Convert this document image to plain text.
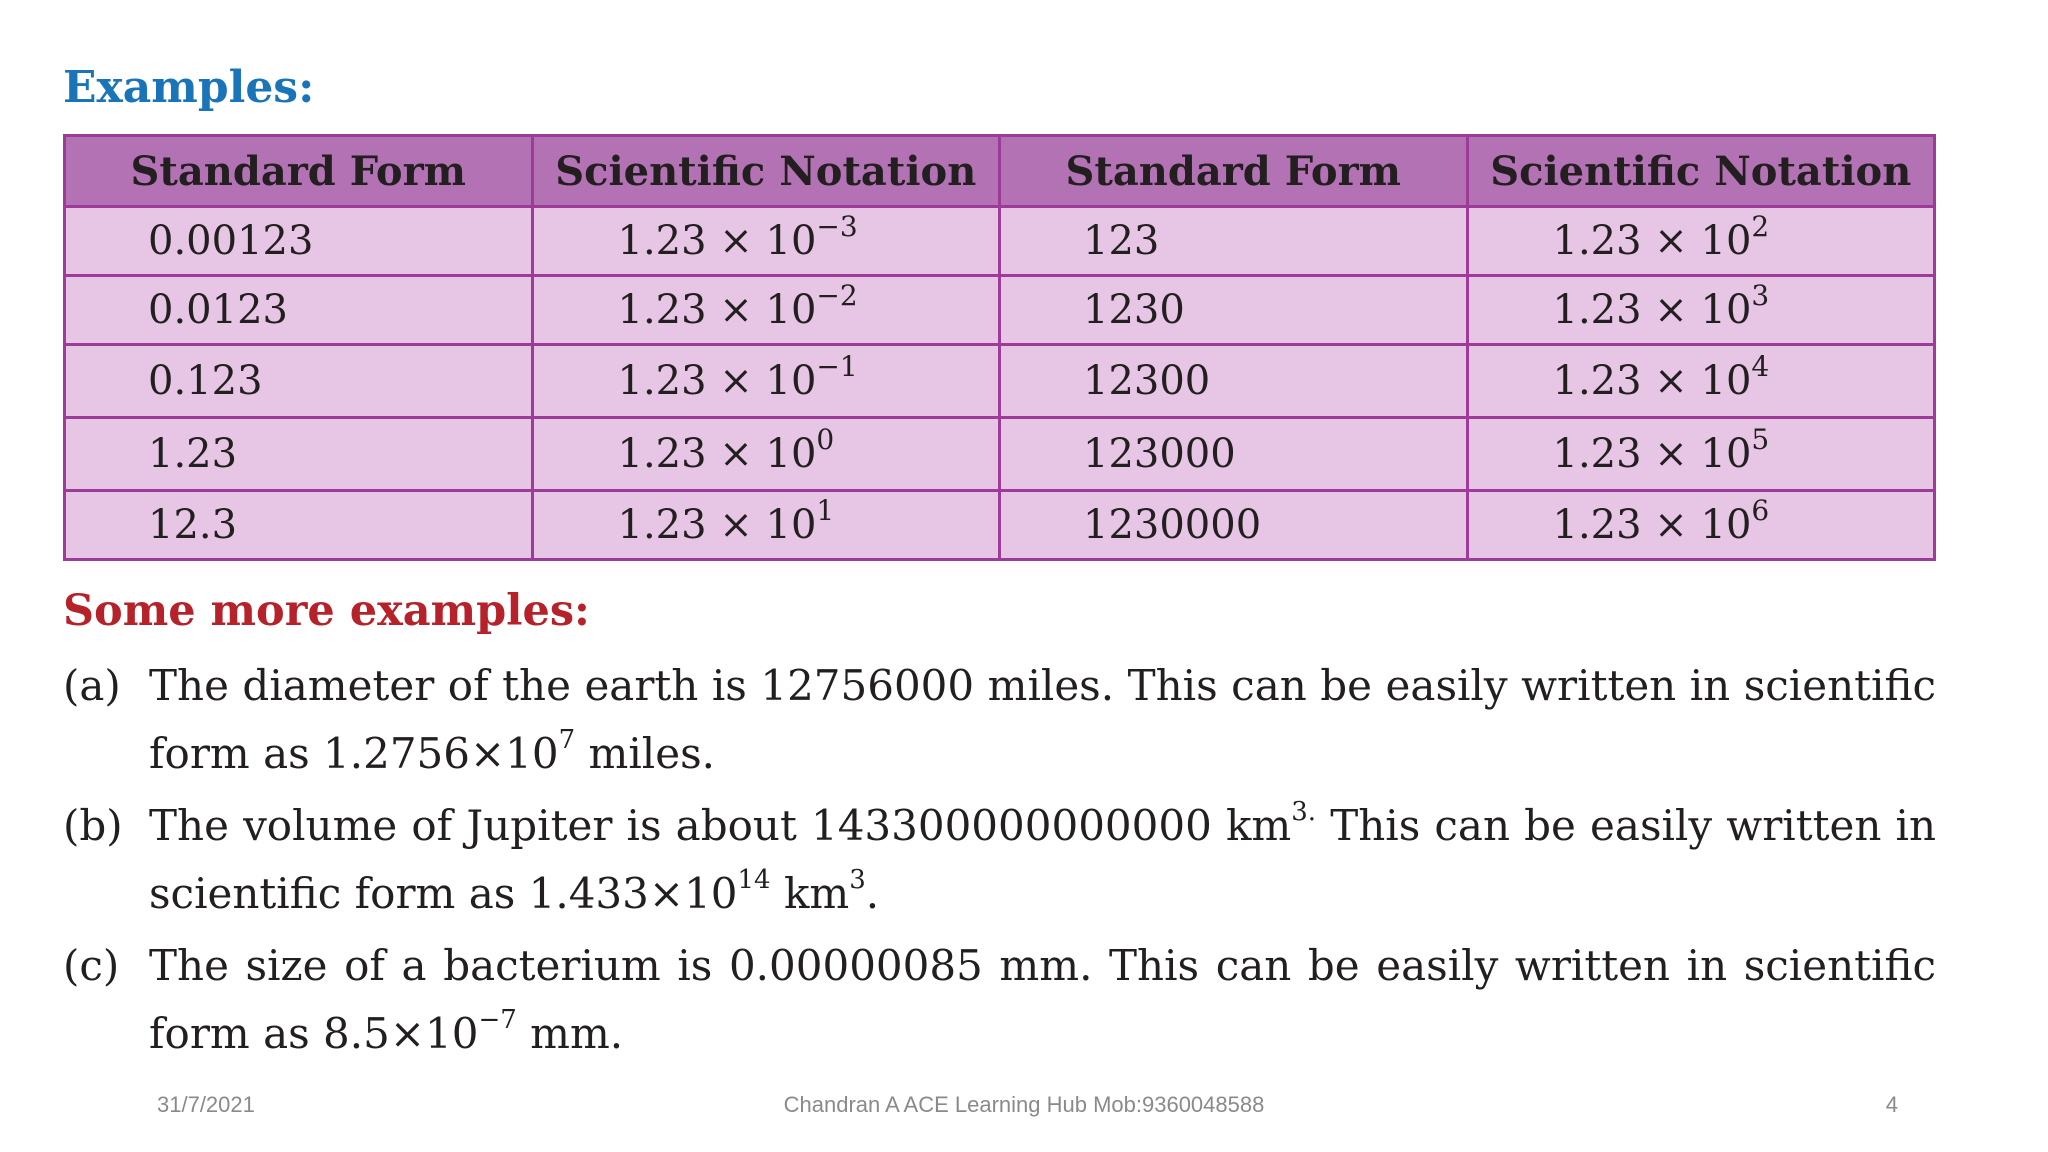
Examples:
Standard Form	Scientific Notation	Standard Form	Scientific Notation
0.00123	$1.23 \times 10^{-3}$	123	$1.23 \times 10^2$
0.0123	$1.23 \times 10^{-2}$	1230	$1.23 \times 10^3$
0.123	$1.23 \times 10^{-1}$	12300	$1.23 \times 10^4$
1.23	$1.23 \times 10^0$	123000	$1.23 \times 10^5$
12.3	$1.23 \times 10^1$	1230000	$1.23 \times 10^6$
Some more examples:
(a) The diameter of the earth is 12756000 miles. This can be easily written in scientific form as $1.2756\times 10^7$ miles.
(b) The volume of Jupiter is about 143300000000000 $km^{3.}$ This can be easily written in scientific form as $1.433\times 10^{14}$ $km^3$.
(c) The size of a bacterium is 0.00000085 mm. This can be easily written in scientific form as $8.5\times 10^{-7}$ mm.
31/7/2021	Chandran A ACE Learning Hub Mob:9360048588	4
